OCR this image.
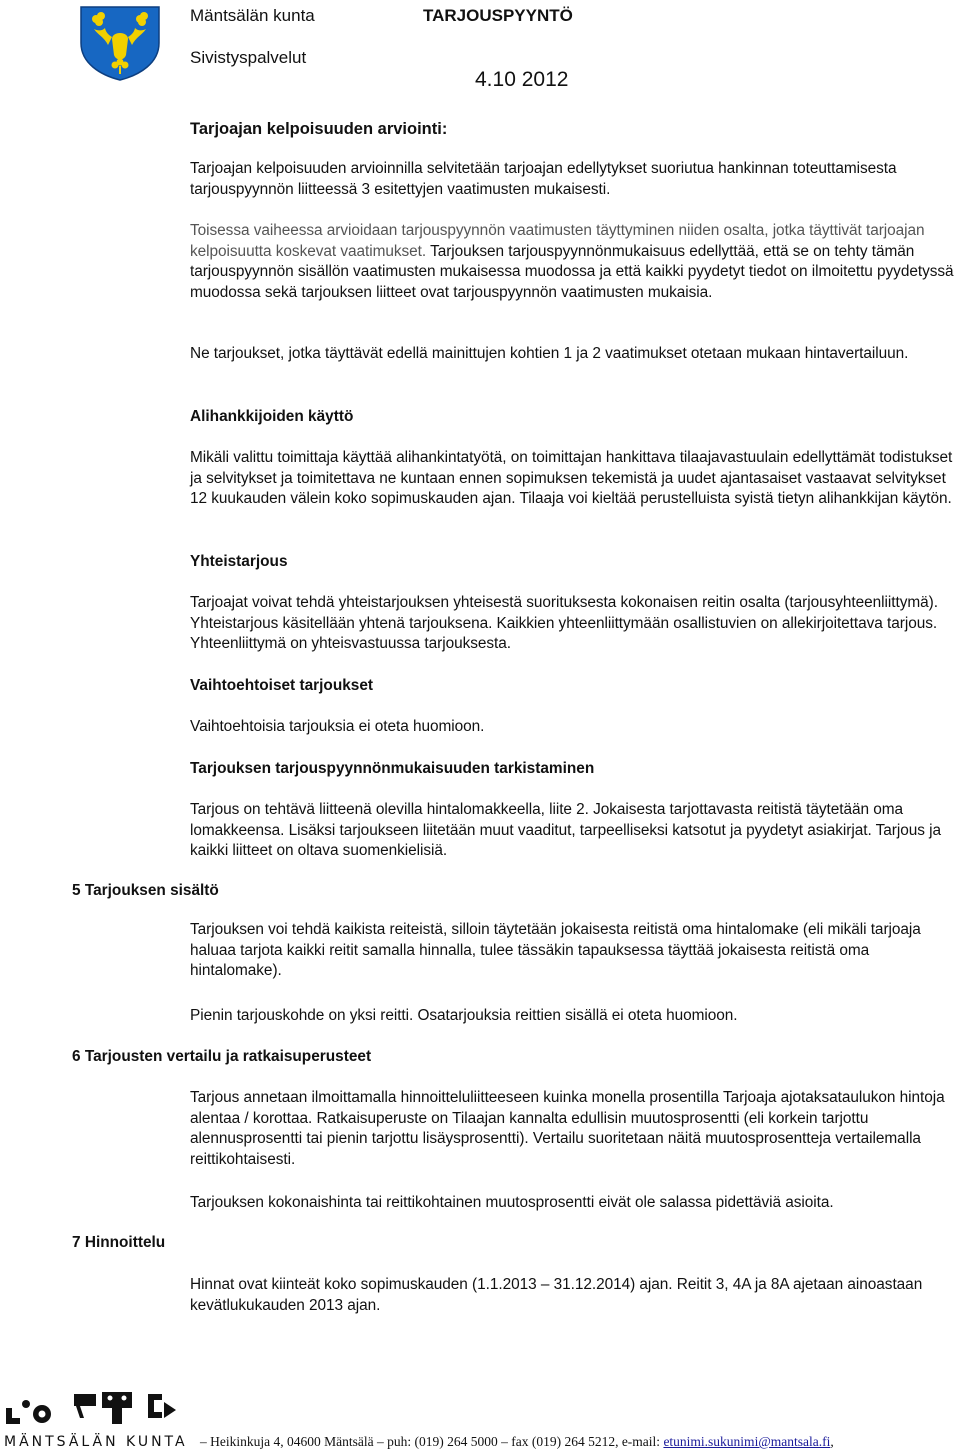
Mäntsälän kunta
Sivistyspalvelut
TARJOUSPYYNTÖ
4.10 2012
Tarjoajan kelpoisuuden arviointi:
Tarjoajan kelpoisuuden arvioinnilla selvitetään tarjoajan edellytykset suoriutua hankinnan toteuttamisesta tarjouspyynnön liitteessä 3 esitettyjen vaatimusten mukaisesti.
Toisessa vaiheessa arvioidaan tarjouspyynnön vaatimusten täyttyminen niiden osalta, jotka täyttivät tarjoajan kelpoisuutta koskevat vaatimukset. Tarjouksen tarjouspyynnönmukaisuus edellyttää, että se on tehty tämän tarjouspyynnön sisällön vaatimusten mukaisessa muodossa ja että kaikki pyydetyt tiedot on ilmoitettu pyydetyssä muodossa sekä tarjouksen liitteet ovat tarjouspyynnön vaatimusten mukaisia.
Ne tarjoukset, jotka täyttävät edellä mainittujen kohtien 1 ja 2 vaatimukset otetaan mukaan hintavertailuun.
Alihankkijoiden käyttö
Mikäli valittu toimittaja käyttää alihankintatyötä, on toimittajan hankittava tilaajavastuulain edellyttämät todistukset ja selvitykset ja toimitettava ne kuntaan ennen sopimuksen tekemistä ja uudet ajantasaiset vastaavat selvitykset 12 kuukauden välein koko sopimuskauden ajan. Tilaaja voi kieltää perustelluista syistä tietyn alihankkijan käytön.
Yhteistarjous
Tarjoajat voivat tehdä yhteistarjouksen yhteisestä suorituksesta kokonaisen reitin osalta (tarjousyhteenliittymä). Yhteistarjous käsitellään yhtenä tarjouksena. Kaikkien yhteenliittymään osallistuvien on allekirjoitettava tarjous. Yhteenliittymä on yhteisvastuussa tarjouksesta.
Vaihtoehtoiset tarjoukset
Vaihtoehtoisia tarjouksia ei oteta huomioon.
Tarjouksen tarjouspyynnönmukaisuuden tarkistaminen
Tarjous on tehtävä liitteenä olevilla hintalomakkeella, liite 2. Jokaisesta tarjottavasta reitistä täytetään oma lomakkeensa. Lisäksi tarjoukseen liitetään muut vaaditut, tarpeelliseksi katsotut ja pyydetyt asiakirjat. Tarjous ja kaikki liitteet on oltava suomenkielisiä.
5 Tarjouksen sisältö
Tarjouksen voi tehdä kaikista reiteistä, silloin täytetään jokaisesta reitistä oma hintalomake (eli mikäli tarjoaja haluaa tarjota kaikki reitit samalla hinnalla, tulee tässäkin tapauksessa täyttää jokaisesta reitistä oma hintalomake).
Pienin tarjouskohde on yksi reitti. Osatarjouksia reittien sisällä ei oteta huomioon.
6 Tarjousten vertailu ja ratkaisuperusteet
Tarjous annetaan ilmoittamalla hinnoitteluliitteeseen kuinka monella prosentilla Tarjoaja ajotaksataulukon hintoja alentaa / korottaa. Ratkaisuperuste on Tilaajan kannalta edullisin muutosprosentti (eli korkein tarjottu alennusprosentti tai pienin tarjottu lisäysprosentti). Vertailu suoritetaan näitä muutosprosentteja vertailemalla reittikohtaisesti.
Tarjouksen kokonaishinta tai reittikohtainen muutosprosentti eivät ole salassa pidettäviä asioita.
7 Hinnoittelu
Hinnat ovat kiinteät koko sopimuskauden (1.1.2013 – 31.12.2014) ajan. Reitit 3, 4A ja 8A ajetaan ainoastaan kevätlukukauden 2013 ajan.
MÄNTSÄLÄN KUNTA – Heikinkuja 4, 04600 Mäntsälä – puh: (019) 264 5000 – fax (019) 264 5212, e-mail: etunimi.sukunimi@mantsala.fi,
